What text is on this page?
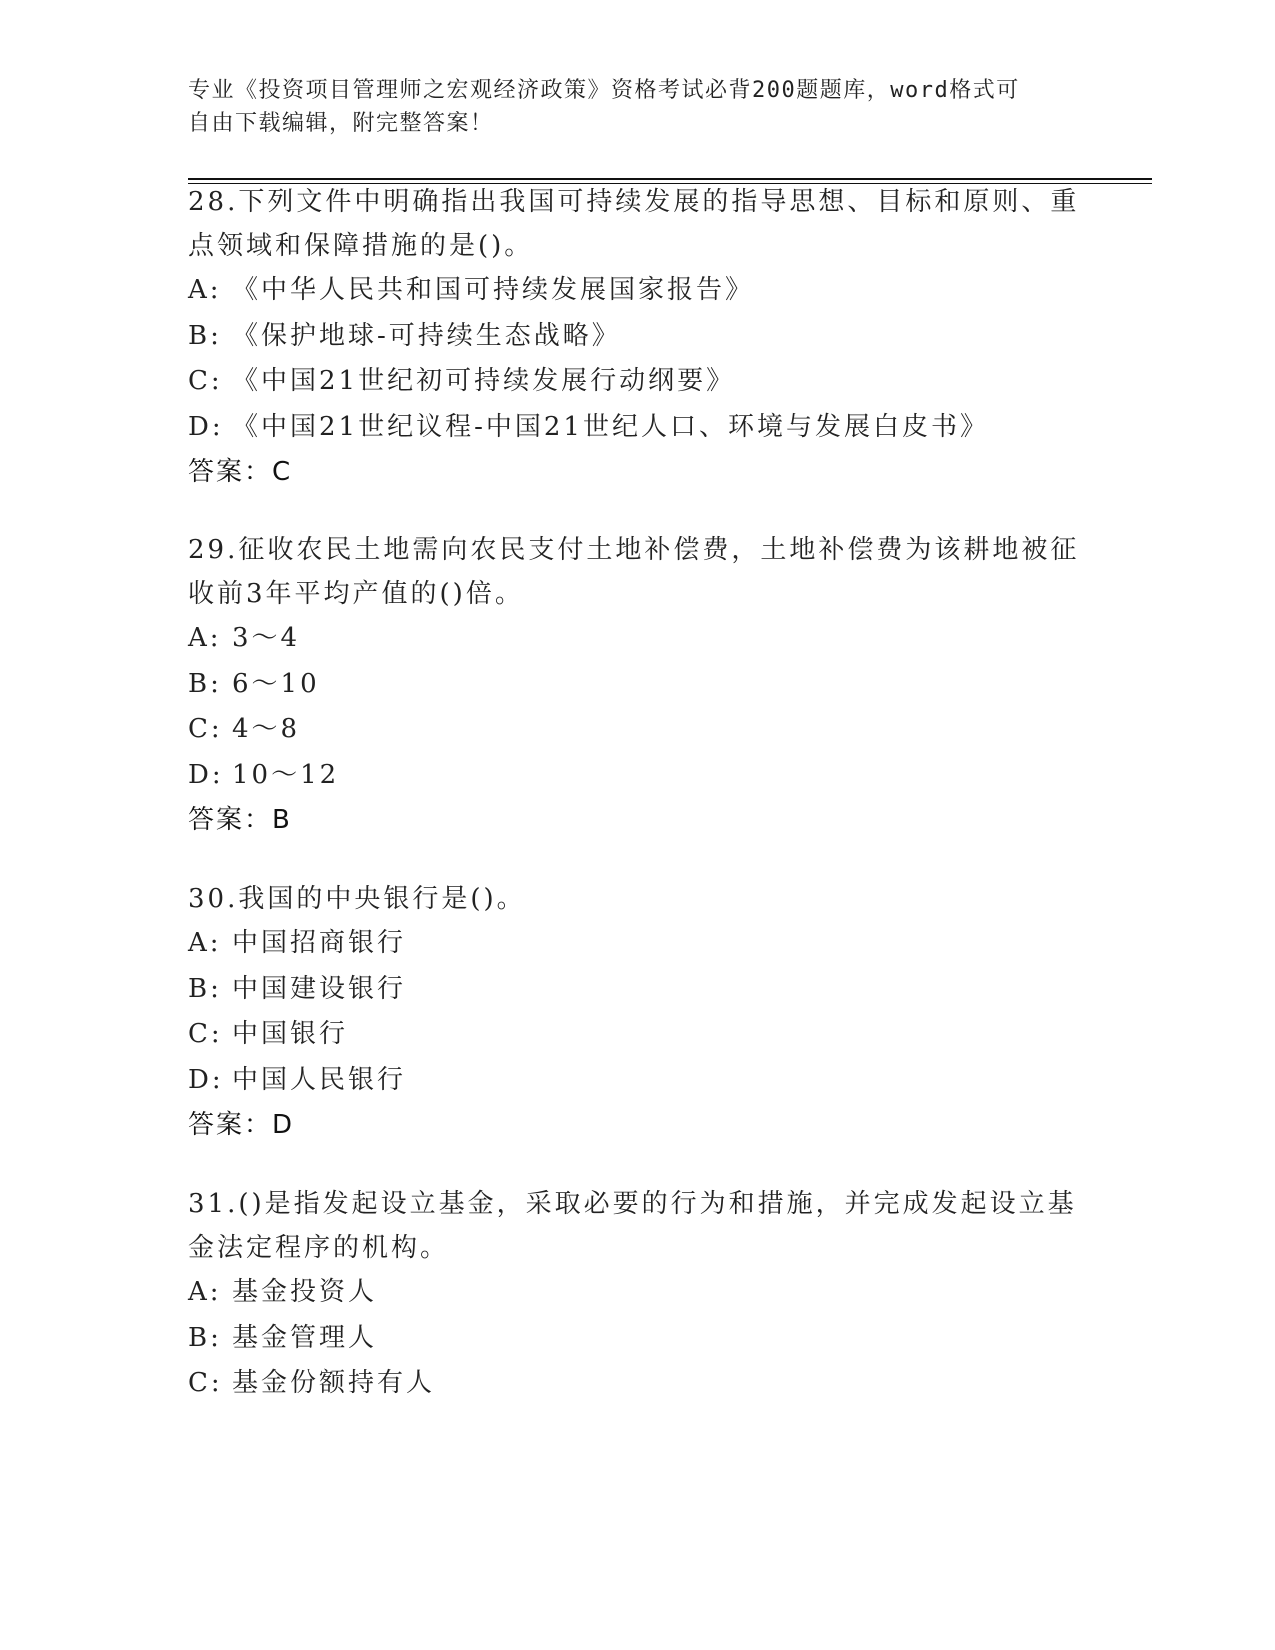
专业《投资项目管理师之宏观经济政策》资格考试必背200题题库，word格式可
自由下载编辑，附完整答案！

28.下列文件中明确指出我国可持续发展的指导思想、目标和原则、重点领域和保障措施的是()。

A: 《中华人民共和国可持续发展国家报告》

B: 《保护地球-可持续生态战略》

C: 《中国21世纪初可持续发展行动纲要》

D: 《中国21世纪议程-中国21世纪人口、环境与发展白皮书》

答案：C

29.征收农民土地需向农民支付土地补偿费，土地补偿费为该耕地被征收前3年平均产值的()倍。

A: 3～4

B: 6～10

C: 4～8

D: 10～12

答案：B

30.我国的中央银行是()。

A: 中国招商银行

B: 中国建设银行

C: 中国银行

D: 中国人民银行

答案：D

31.()是指发起设立基金，采取必要的行为和措施，并完成发起设立基金法定程序的机构。

A: 基金投资人

B: 基金管理人

C: 基金份额持有人
